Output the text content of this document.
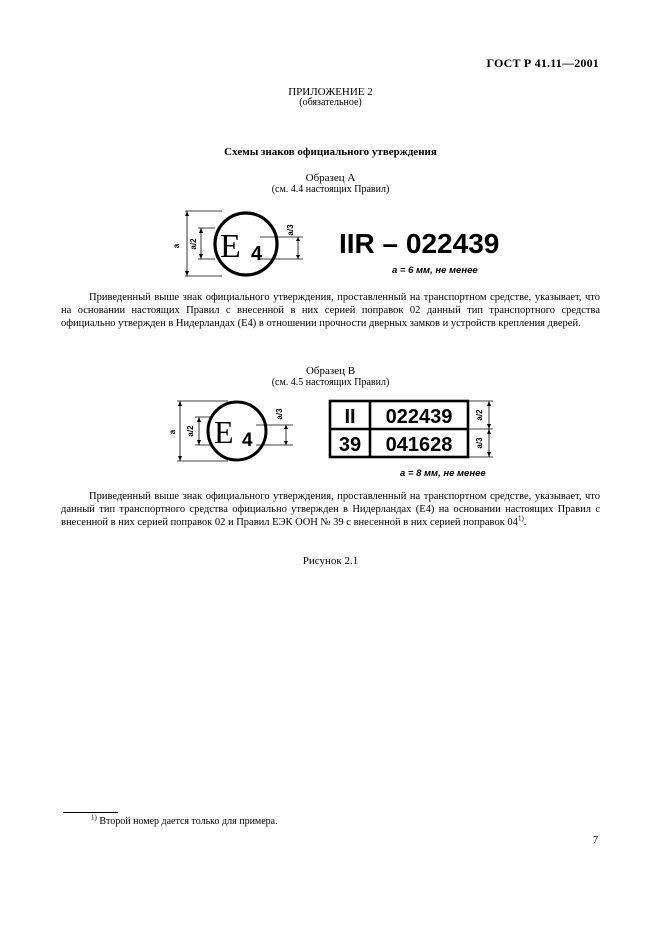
ГОСТ Р 41.11—2001
ПРИЛОЖЕНИЕ 2
(обязательное)
Схемы знаков официального утверждения
Образец А
(см. 4.4 настоящих Правил)
a a/2 E 4
a/3 IIR – 022439
a = 6 мм, не менее
Приведенный выше знак официального утверждения, проставленный на транспортном средстве, указывает, что на основании настоящих Правил с внесенной в них серией поправок 02 данный тип транспортного средства официально утвержден в Нидерландах (E4) в отношении прочности дверных замков и устройств крепления дверей.
Образец В
(см. 4.5 настоящих Правил)
a a/2 E 4
a/3	II 022439
39 041628
a/2
a/3
a = 8 мм, не менее
Приведенный выше знак официального утверждения, проставленный на транспортном средстве, указывает, что данный тип транспортного средства официально утвержден в Нидерландах (E4) на основании настоящих Правил с внесенной в них серией поправок 02 и Правил ЕЭК ООН № 39 с внесенной в них серией поправок 04$^{1)}$.
Рисунок 2.1
$^{1)}$ Второй номер дается только для примера.
7
